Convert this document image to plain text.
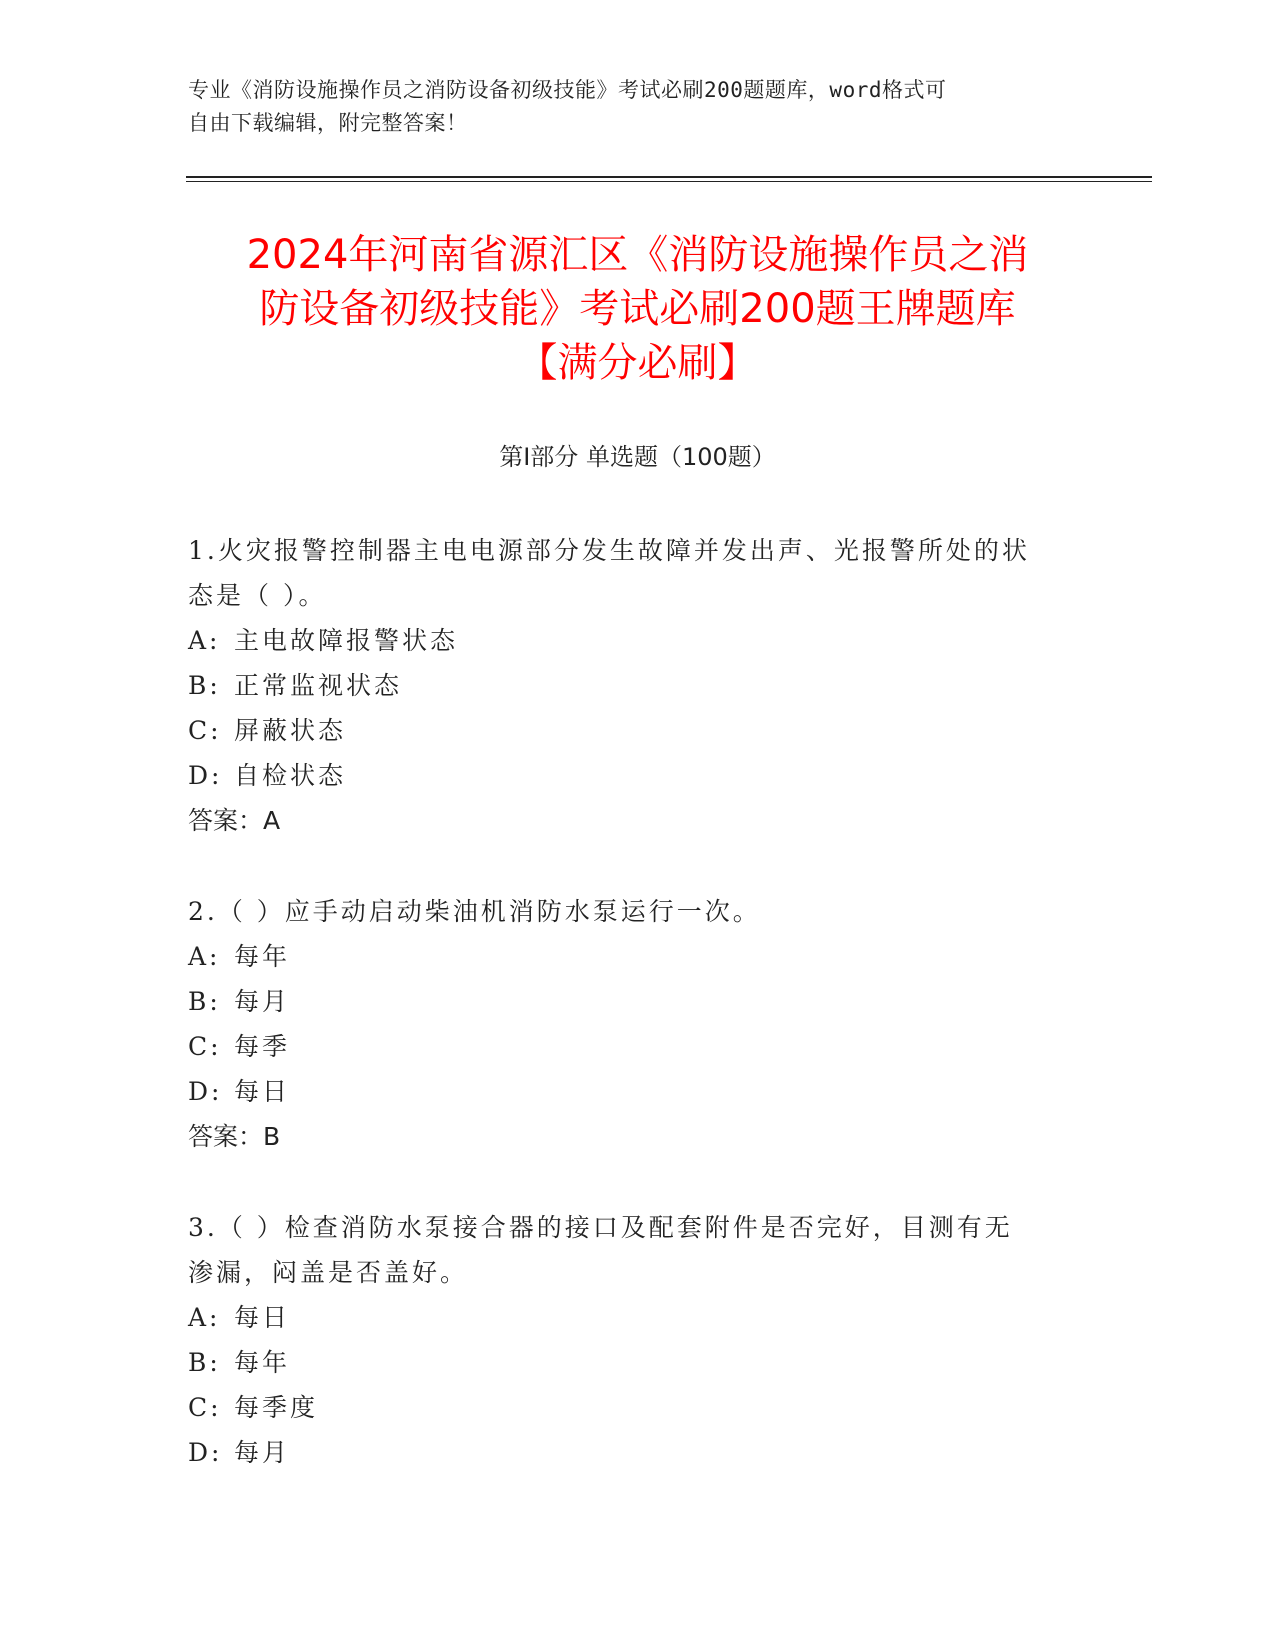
专业《消防设施操作员之消防设备初级技能》考试必刷200题题库，word格式可
自由下载编辑，附完整答案！
2024年河南省源汇区《消防设施操作员之消
防设备初级技能》考试必刷200题王牌题库
【满分必刷】
第I部分 单选题（100题）
1.火灾报警控制器主电电源部分发生故障并发出声、光报警所处的状
态是（ ）。
A: 主电故障报警状态
B: 正常监视状态
C: 屏蔽状态
D: 自检状态
答案：A
2.（ ）应手动启动柴油机消防水泵运行一次。
A: 每年
B: 每月
C: 每季
D: 每日
答案：B
3.（ ）检查消防水泵接合器的接口及配套附件是否完好，目测有无
渗漏，闷盖是否盖好。
A: 每日
B: 每年
C: 每季度
D: 每月
